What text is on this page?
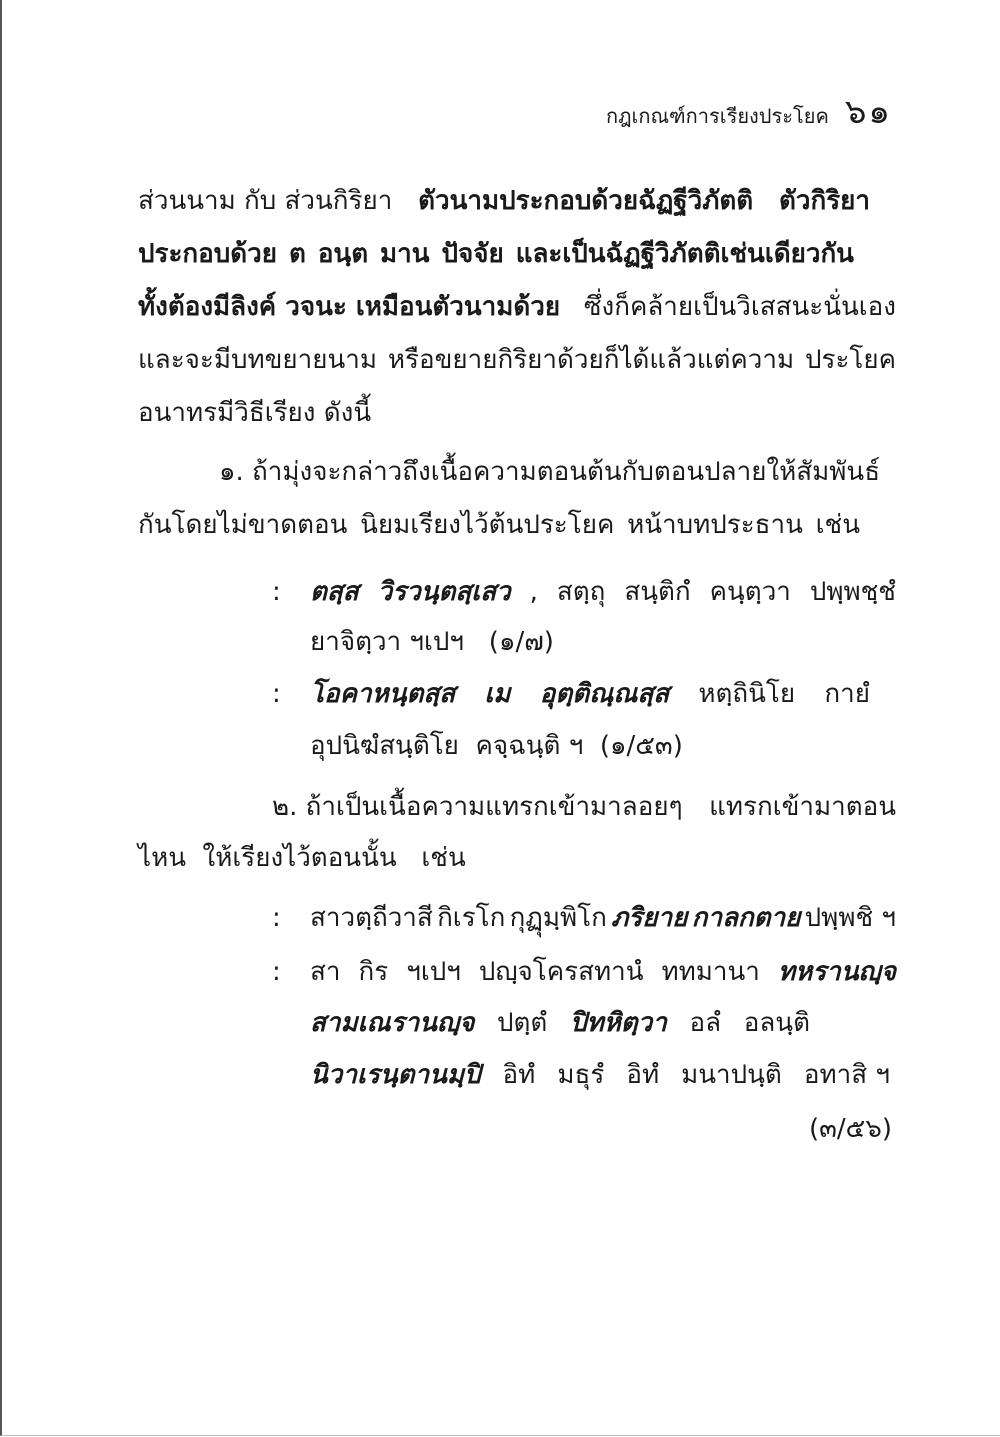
กฎเกณฑ์การเรียงประโยค ๖๑
ส่วนนาม กับ ส่วนกิริยา ตัวนามประกอบด้วยฉัฏฐีวิภัตติ ตัวกิริยา
ประกอบด้วย ต อนฺต มาน ปัจจัย และเป็นฉัฏฐีวิภัตติเช่นเดียวกัน
ทั้งต้องมีลิงค์ วจนะ เหมือนตัวนามด้วย ซึ่งก็คล้ายเป็นวิเสสนะนั่นเอง
และจะมีบทขยายนาม หรือขยายกิริยาด้วยก็ได้แล้วแต่ความ ประโยค
อนาทรมีวิธีเรียง ดังนี้
๑. ถ้ามุ่งจะกล่าวถึงเนื้อความตอนต้นกับตอนปลายให้สัมพันธ์
กันโดยไม่ขาดตอน นิยมเรียงไว้ต้นประโยค หน้าบทประธาน เช่น
: ตสฺส วิรวนฺตสฺเสว , สตฺถุ สนฺติกํ คนฺตฺวา ปพฺพชฺชํ
ยาจิตฺวา ฯเปฯ   (๑/๗)
: โอคาหนฺตสฺส เม อุตฺติณฺณสฺส หตฺถินิโย กายํ
อุปนิฆํสนฺติโย  คจฺฉนฺติ ฯ  (๑/๕๓)
๒. ถ้าเป็นเนื้อความแทรกเข้ามาลอยๆ แทรกเข้ามาตอน
ไหน  ให้เรียงไว้ตอนนั้น   เช่น
: สาวตฺถีวาสี กิเรโก กุฏุมฺพิโก ภริยาย กาลกตาย ปพฺพชิ ฯ
: สา กิร ฯเปฯ ปญฺจโครสทานํ ททมานา ทหรานญฺจ
สามเณรานญฺจ ปตฺตํ ปิทหิตฺวา อลํ อลนฺติ
นิวาเรนฺตานมฺปิ อิทํ มธุรํ อิทํ มนาปนฺติ อทาสิ ฯ
(๓/๕๖)
